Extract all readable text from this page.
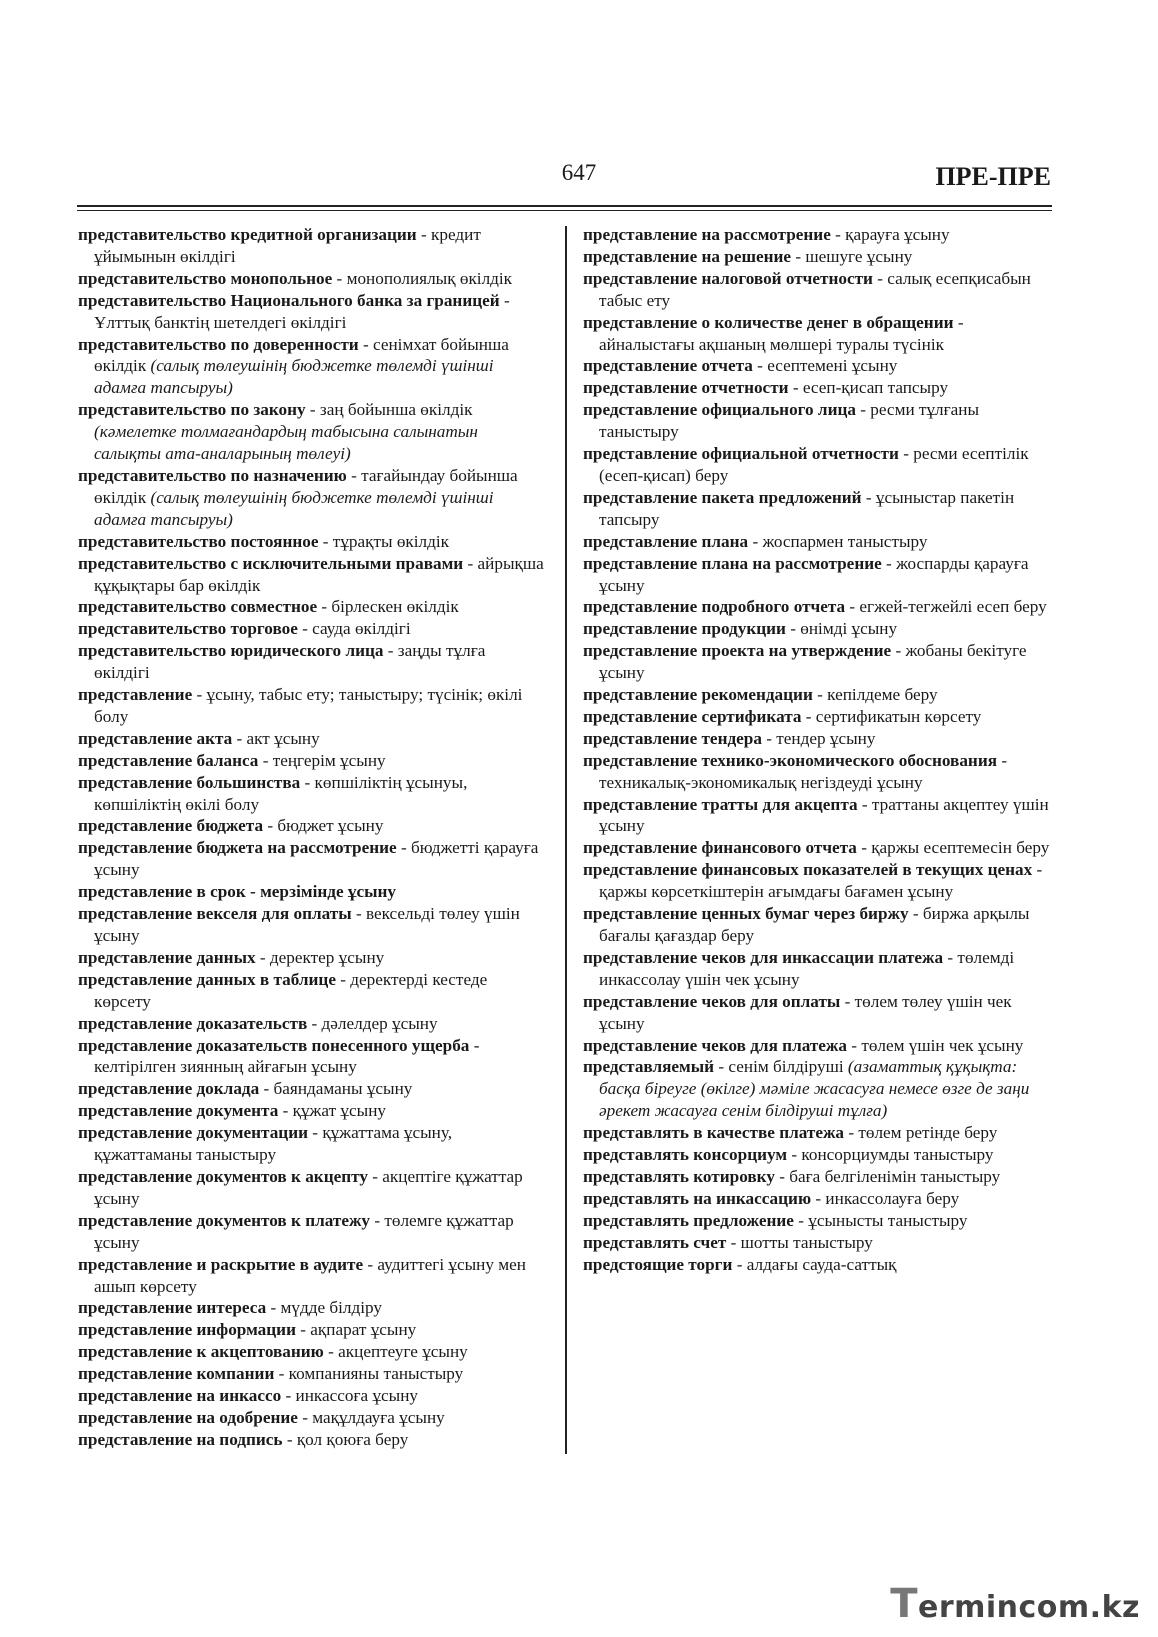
647	ПРЕ-ПРЕ
представительство кредитной организации - кредит ұйымынын өкілдігі
представительство монопольное - монополиялық өкілдік
представительство Национального банка за границей - Ұлттық банктің шетелдегі өкілдігі
представительство по доверенности - сенімхат бойынша өкілдік (салық төлеушінің бюджетке төлемді үшінші адамға тапсыруы)
представительство по закону - заң бойынша өкілдік (кәмелетке толмағандардың табысына салынатын салықты ата-аналарының төлеуі)
представительство по назначению - тағайындау бойынша өкілдік (салық төлеушінің бюджетке төлемді үшінші адамға тапсыруы)
представительство постоянное - тұрақты өкілдік
представительство с исключительными правами - айрықша құқықтары бар өкілдік
представительство совместное - бірлескен өкілдік
представительство торговое - сауда өкілдігі
представительство юридического лица - заңды тұлға өкілдігі
представление - ұсыну, табыс ету; таныстыру; түсінік; өкілі болу
представление акта - акт ұсыну
представление баланса - теңгерім ұсыну
представление большинства - көпшіліктің ұсынуы, көпшіліктің өкілі болу
представление бюджета - бюджет ұсыну
представление бюджета на рассмотрение - бюджетті қарауға ұсыну
представление в срок - мерзімінде ұсыну
представление векселя для оплаты - вексельді төлеу үшін ұсыну
представление данных - деректер ұсыну
представление данных в таблице - деректерді кестеде көрсету
представление доказательств - дәлелдер ұсыну
представление доказательств понесенного ущерба - келтірілген зиянның айғағын ұсыну
представление доклада - баяндаманы ұсыну
представление документа - құжат ұсыну
представление документации - құжаттама ұсыну, құжаттаманы таныстыру
представление документов к акцепту - акцептіге құжаттар ұсыну
представление документов к платежу - төлемге құжаттар ұсыну
представление и раскрытие в аудите - аудиттегі ұсыну мен ашып көрсету
представление интереса - мүдде білдіру
представление информации - ақпарат ұсыну
представление к акцептованию - акцептеуге ұсыну
представление компании - компанияны таныстыру
представление на инкассо - инкассоға ұсыну
представление на одобрение - мақұлдауға ұсыну
представление на подпись - қол қоюға беру
представление на рассмотрение - қарауға ұсыну
представление на решение - шешуге ұсыну
представление налоговой отчетности - салық есепқисабын табыс ету
представление о количестве денег в обращении - айналыстағы ақшаның мөлшері туралы түсінік
представление отчета - есептемені ұсыну
представление отчетности - есеп-қисап тапсыру
представление официального лица - ресми тұлғаны таныстыру
представление официальной отчетности - ресми есептілік (есеп-қисап) беру
представление пакета предложений - ұсыныстар пакетін тапсыру
представление плана - жоспармен таныстыру
представление плана на рассмотрение - жоспарды қарауға ұсыну
представление подробного отчета - егжей-тегжейлі есеп беру
представление продукции - өнімді ұсыну
представление проекта на утверждение - жобаны бекітуге ұсыну
представление рекомендации - кепілдеме беру
представление сертификата - сертификатын көрсету
представление тендера - тендер ұсыну
представление технико-экономического обоснования - техникалық-экономикалық негіздеуді ұсыну
представление тратты для акцепта - траттаны акцептеу үшін ұсыну
представление финансового отчета - қаржы есептемесін беру
представление финансовых показателей в текущих ценах - қаржы көрсеткіштерін ағымдағы бағамен ұсыну
представление ценных бумаг через биржу - биржа арқылы бағалы қағаздар беру
представление чеков для инкассации платежа - төлемді инкассолау үшін чек ұсыну
представление чеков для оплаты - төлем төлеу үшін чек ұсыну
представление чеков для платежа - төлем үшін чек ұсыну
представляемый - сенім білдіруші (азаматтық құқықта: басқа біреуге (өкілге) мәміле жасасуға немесе өзге де заңи әрекет жасауға сенім білдіруші тұлға)
представлять в качестве платежа - төлем ретінде беру
представлять консорциум - консорциумды таныстыру
представлять котировку - баға белгіленімін таныстыру
представлять на инкассацию - инкассолауға беру
представлять предложение - ұсынысты таныстыру
представлять счет - шотты таныстыру
предстоящие торги - алдағы сауда-саттық
Termincom.kz
